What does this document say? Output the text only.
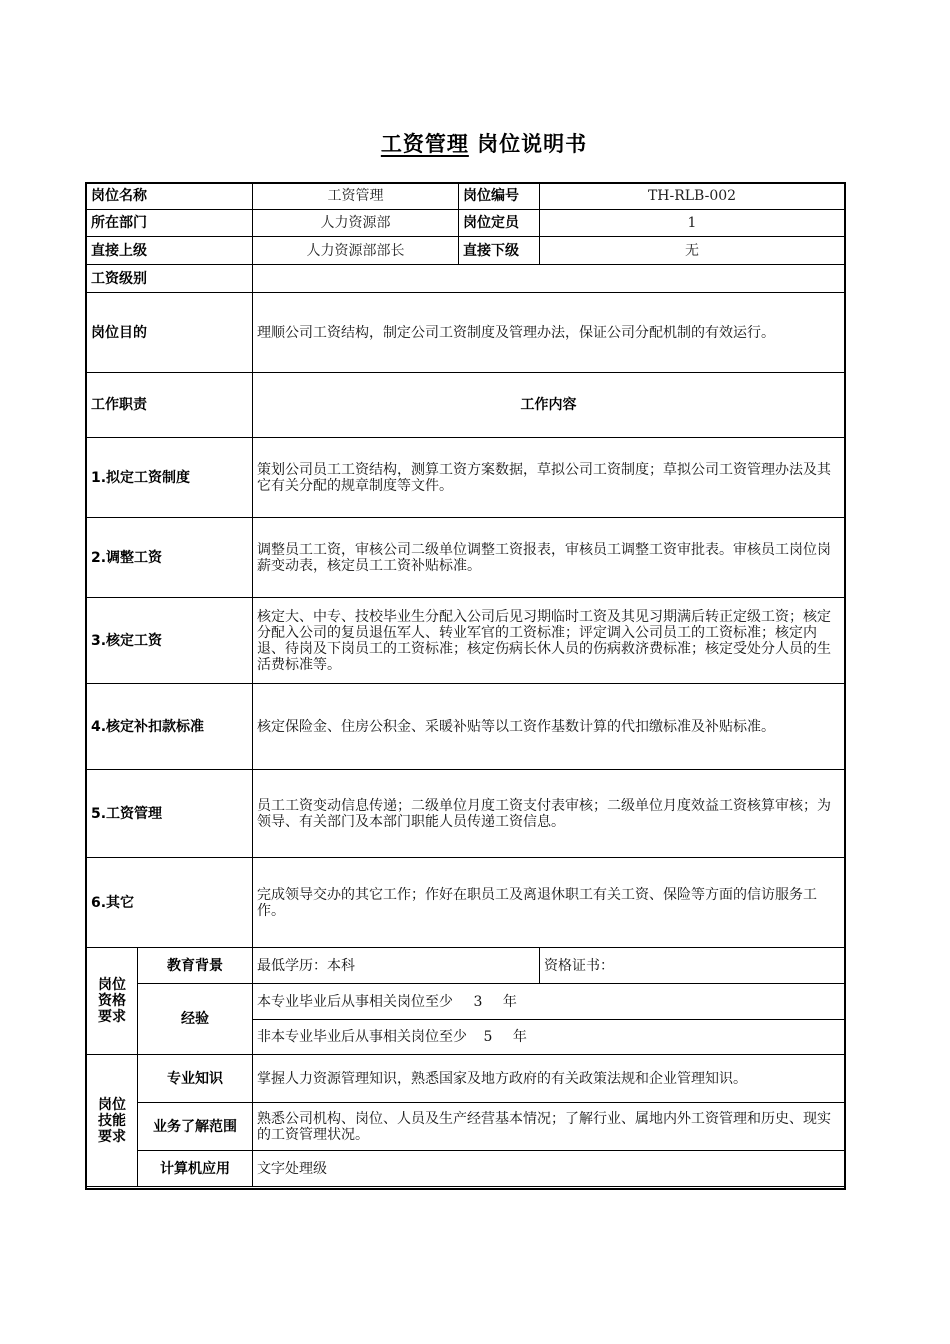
工资管理 岗位说明书
岗位名称		工资管理	岗位编号	TH-RLB-002
所在部门		人力资源部	岗位定员	1
直接上级		人力资源部部长	直接下级	无
工资级别				
岗位目的		理顺公司工资结构，制定公司工资制度及管理办法，保证公司分配机制的有效运行。		
工作职责		工作内容		
1.拟定工资制度		策划公司员工工资结构，测算工资方案数据，草拟公司工资制度；草拟公司工资管理办法及其它有关分配的规章制度等文件。		
2.调整工资		调整员工工资，审核公司二级单位调整工资报表，审核员工调整工资审批表。审核员工岗位岗薪变动表，核定员工工资补贴标准。		
3.核定工资		核定大、中专、技校毕业生分配入公司后见习期临时工资及其见习期满后转正定级工资；核定分配入公司的复员退伍军人、转业军官的工资标准；评定调入公司员工的工资标准；核定内退、待岗及下岗员工的工资标准；核定伤病长休人员的伤病救济费标准；核定受处分人员的生活费标准等。		
4.核定补扣款标准		核定保险金、住房公积金、采暖补贴等以工资作基数计算的代扣缴标准及补贴标准。		
5.工资管理		员工工资变动信息传递；二级单位月度工资支付表审核；二级单位月度效益工资核算审核；为领导、有关部门及本部门职能人员传递工资信息。		
6.其它		完成领导交办的其它工作；作好在职员工及离退休职工有关工资、保险等方面的信访服务工作。		

岗位
资格
要求	教育背景	最低学历：本科		资格证书：
	经验	本专业毕业后从事相关岗位至少 3 年		
		非本专业毕业后从事相关岗位至少 5 年		

岗位
技能
要求	专业知识	掌握人力资源管理知识，熟悉国家及地方政府的有关政策法规和企业管理知识。		
	业务了解范围	熟悉公司机构、岗位、人员及生产经营基本情况；了解行业、属地内外工资管理和历史、现实的工资管理状况。		
	计算机应用	文字处理级		
